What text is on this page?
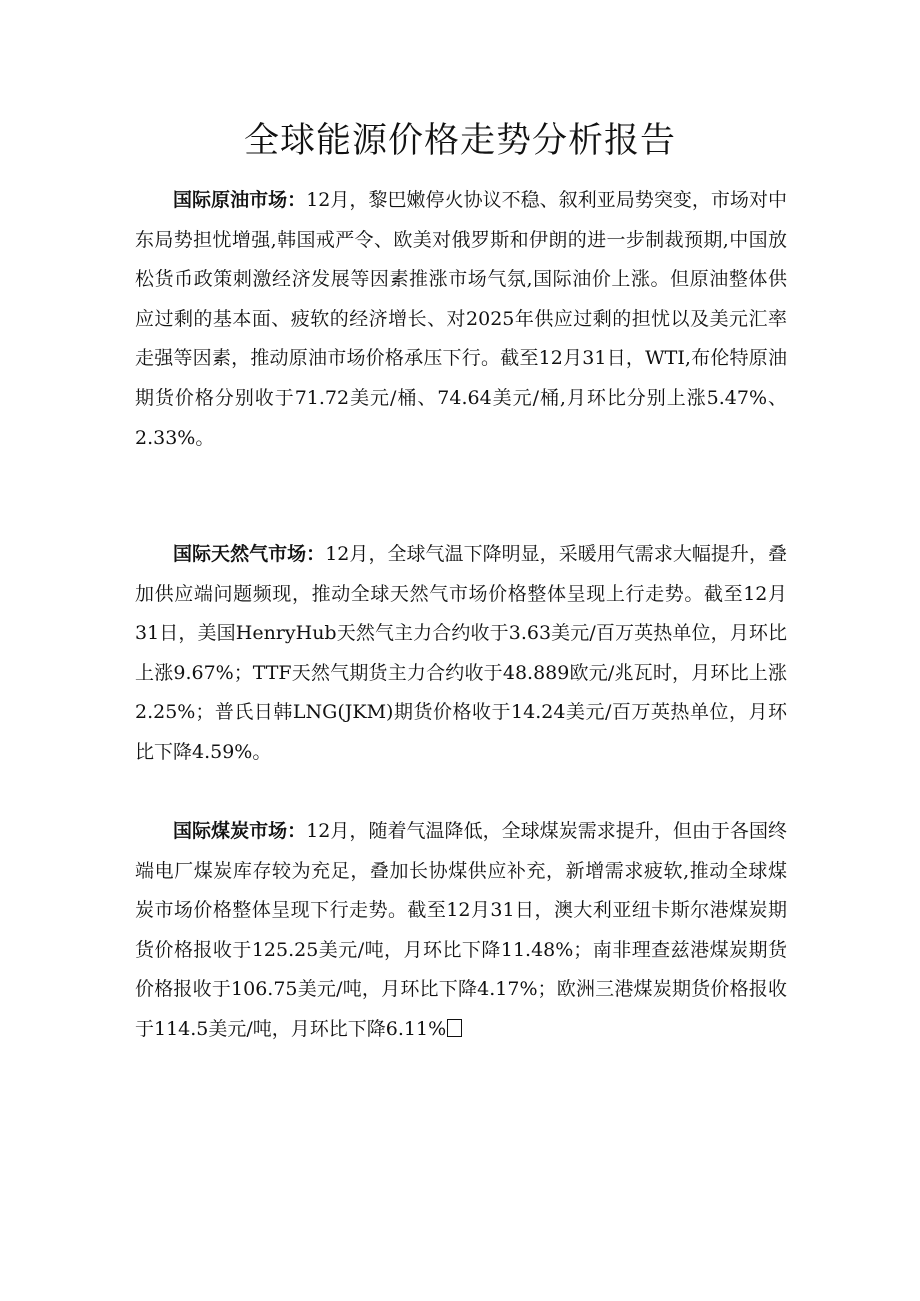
全球能源价格走势分析报告

国际原油市场：12月，黎巴嫩停火协议不稳、叙利亚局势突变，市场对中东局势担忧增强,韩国戒严令、欧美对俄罗斯和伊朗的进一步制裁预期,中国放松货币政策刺激经济发展等因素推涨市场气氛,国际油价上涨。但原油整体供应过剩的基本面、疲软的经济增长、对2025年供应过剩的担忧以及美元汇率走强等因素，推动原油市场价格承压下行。截至12月31日，WTI,布伦特原油期货价格分别收于71.72美元/桶、74.64美元/桶,月环比分别上涨5.47%、2.33%。

国际天然气市场：12月，全球气温下降明显，采暖用气需求大幅提升，叠加供应端问题频现，推动全球天然气市场价格整体呈现上行走势。截至12月31日，美国HenryHub天然气主力合约收于3.63美元/百万英热单位，月环比上涨9.67%；TTF天然气期货主力合约收于48.889欧元/兆瓦时，月环比上涨2.25%；普氏日韩LNG(JKM)期货价格收于14.24美元/百万英热单位，月环比下降4.59%。

国际煤炭市场：12月，随着气温降低，全球煤炭需求提升，但由于各国终端电厂煤炭库存较为充足，叠加长协煤供应补充，新增需求疲软,推动全球煤炭市场价格整体呈现下行走势。截至12月31日，澳大利亚纽卡斯尔港煤炭期货价格报收于125.25美元/吨，月环比下降11.48%；南非理查兹港煤炭期货价格报收于106.75美元/吨，月环比下降4.17%；欧洲三港煤炭期货价格报收于114.5美元/吨，月环比下降6.11%
